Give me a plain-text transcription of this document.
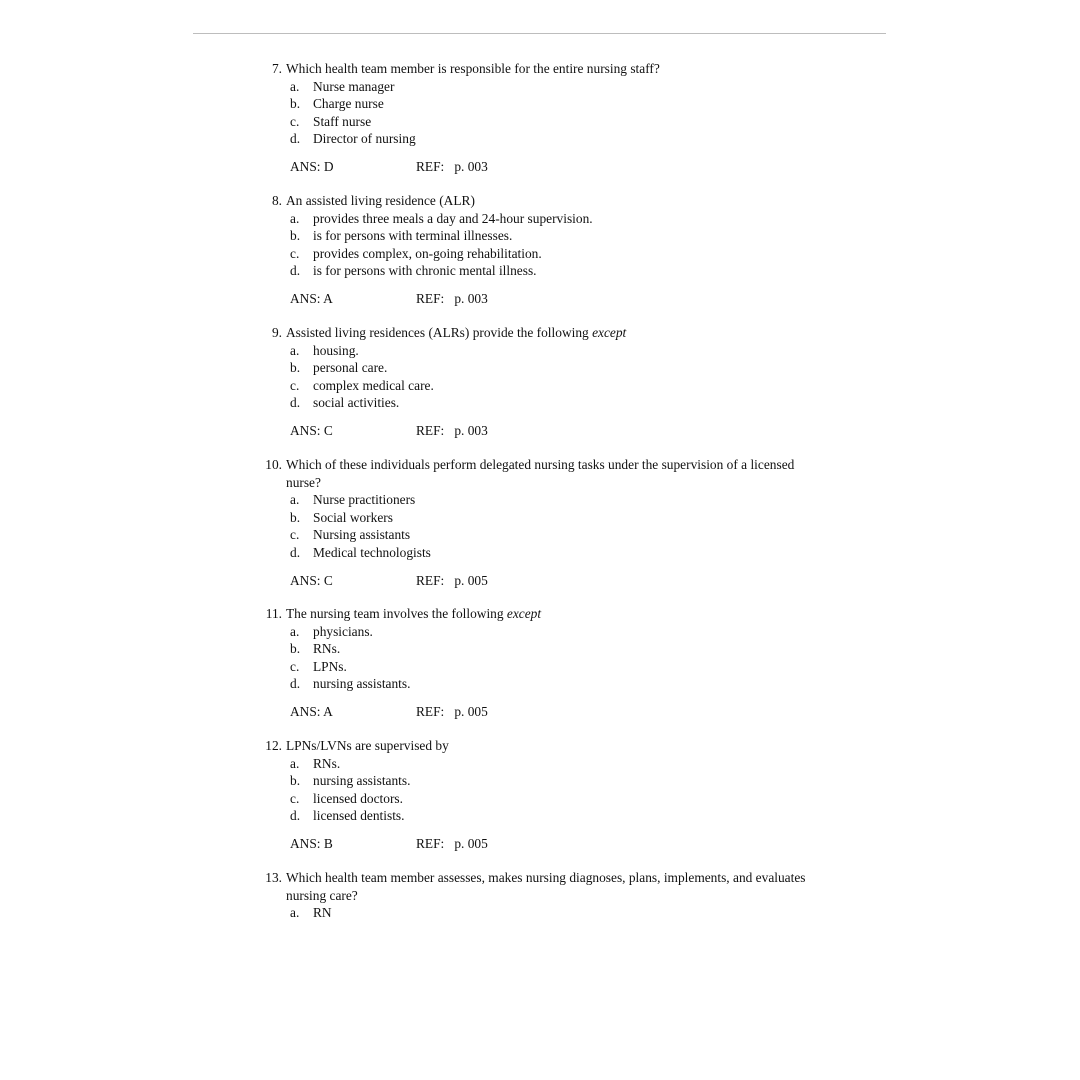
7. Which health team member is responsible for the entire nursing staff?
a.	Nurse manager
b. Charge nurse
c.	Staff nurse
d. Director of nursing
ANS: D	REF:   p. 003
8. An assisted living residence (ALR)
a.	provides three meals a day and 24-hour supervision.
b. is for persons with terminal illnesses.
c.	provides complex, on-going rehabilitation.
d. is for persons with chronic mental illness.
ANS: A	REF:   p. 003
9. Assisted living residences (ALRs) provide the following except
a.	housing.
b. personal care.
c.	complex medical care.
d. social activities.
ANS: C	REF:   p. 003
10. Which of these individuals perform delegated nursing tasks under the supervision of a licensed nurse?
a.	Nurse practitioners
b. Social workers
c.	Nursing assistants
d. Medical technologists
ANS: C	REF:   p. 005
11. The nursing team involves the following except
a.	physicians.
b. RNs.
c.	LPNs.
d. nursing assistants.
ANS: A	REF:   p. 005
12. LPNs/LVNs are supervised by
a.	RNs.
b. nursing assistants.
c.	licensed doctors.
d. licensed dentists.
ANS: B	REF:   p. 005
13. Which health team member assesses, makes nursing diagnoses, plans, implements, and evaluates nursing care?
a.	RN
